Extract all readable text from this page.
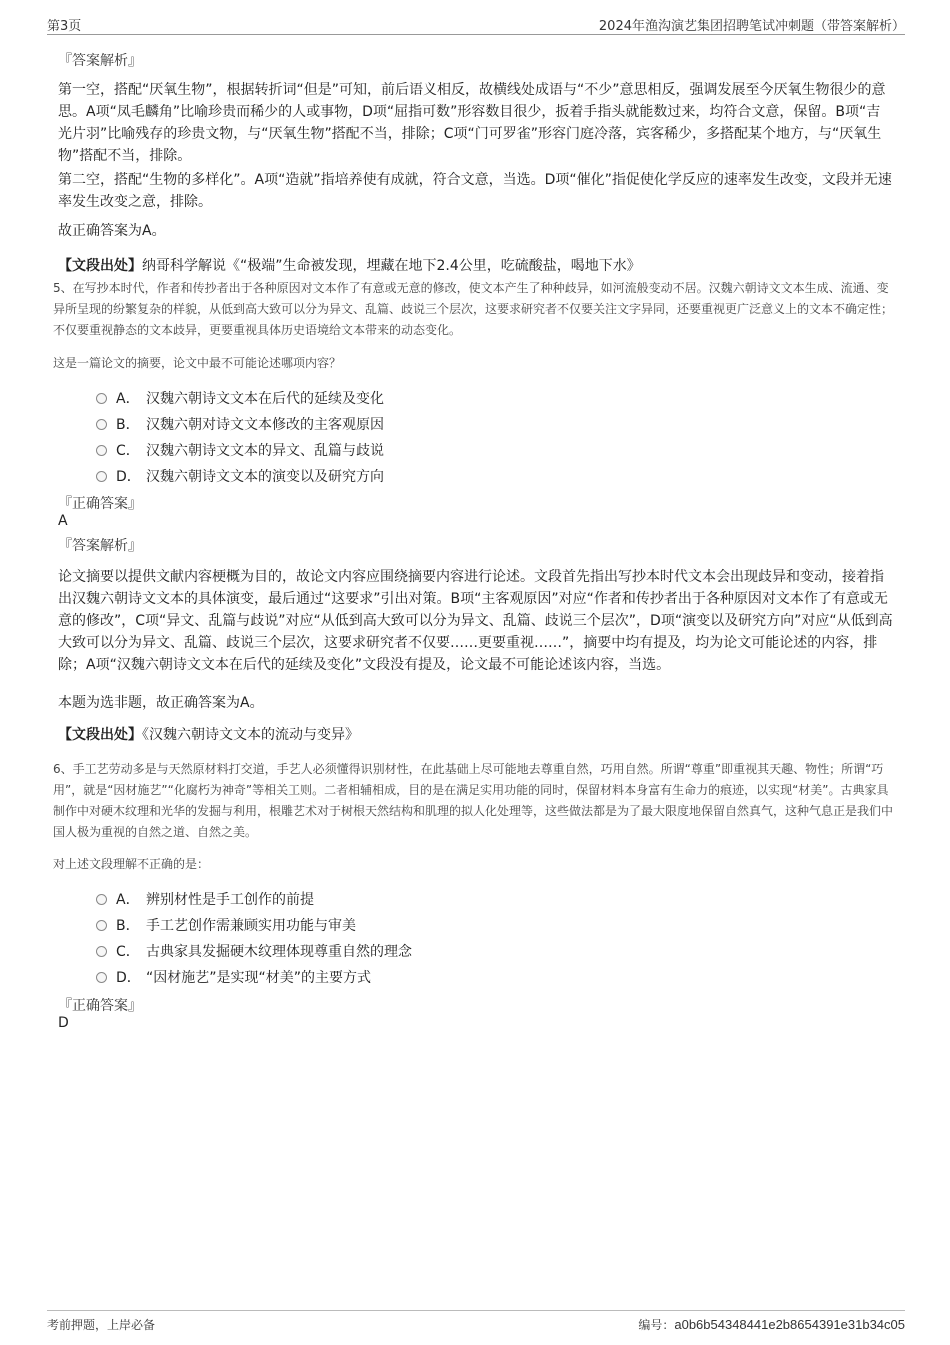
第3页	2024年渔沟演艺集团招聘笔试冲刺题（带答案解析）
『答案解析』

第一空，搭配“厌氧生物”，根据转折词“但是”可知，前后语义相反，故横线处成语与“不少”意思相反，强调发展至今厌氧生物很少的意思。A项“凤毛麟角”比喻珍贵而稀少的人或事物，D项“屈指可数”形容数目很少，扳着手指头就能数过来，均符合文意，保留。B项“吉光片羽”比喻残存的珍贵文物，与“厌氧生物”搭配不当，排除；C项“门可罗雀”形容门庭冷落，宾客稀少，多搭配某个地方，与“厌氧生物”搭配不当，排除。

第二空，搭配“生物的多样化”。A项“造就”指培养使有成就，符合文意，当选。D项“催化”指促使化学反应的速率发生改变，文段并无速率发生改变之意，排除。

故正确答案为A。
【文段出处】纳哥科学解说《“极端”生命被发现，埋藏在地下2.4公里，吃硫酸盐，喝地下水》

5、在写抄本时代，作者和传抄者出于各种原因对文本作了有意或无意的修改，使文本产生了种种歧异，如河流般变动不居。汉魏六朝诗文文本生成、流通、变异所呈现的纷繁复杂的样貌，从低到高大致可以分为异文、乱篇、歧说三个层次，这要求研究者不仅要关注文字异同，还要重视更广泛意义上的文本不确定性；不仅要重视静态的文本歧异，更要重视具体历史语境给文本带来的动态变化。

这是一篇论文的摘要，论文中最不可能论述哪项内容？
A． 汉魏六朝诗文文本在后代的延续及变化
B． 汉魏六朝对诗文文本修改的主客观原因
C． 汉魏六朝诗文文本的异文、乱篇与歧说
D． 汉魏六朝诗文文本的演变以及研究方向
『正确答案』
A
『答案解析』

论文摘要以提供文献内容梗概为目的，故论文内容应围绕摘要内容进行论述。文段首先指出写抄本时代文本会出现歧异和变动，接着指出汉魏六朝诗文文本的具体演变，最后通过“这要求”引出对策。B项“主客观原因”对应“作者和传抄者出于各种原因对文本作了有意或无意的修改”，C项“异文、乱篇与歧说”对应“从低到高大致可以分为异文、乱篇、歧说三个层次”，D项“演变以及研究方向”对应“从低到高大致可以分为异文、乱篇、歧说三个层次，这要求研究者不仅要……更要重视……”，摘要中均有提及，均为论文可能论述的内容，排除；A项“汉魏六朝诗文文本在后代的延续及变化”文段没有提及，论文最不可能论述该内容，当选。

本题为选非题，故正确答案为A。
【文段出处】《汉魏六朝诗文文本的流动与变异》

6、手工艺劳动多是与天然原材料打交道，手艺人必须懂得识别材性，在此基础上尽可能地去尊重自然，巧用自然。所谓“尊重”即重视其天趣、物性；所谓“巧用”，就是“因材施艺”“化腐朽为神奇”等相关工则。二者相辅相成，目的是在满足实用功能的同时，保留材料本身富有生命力的痕迹，以实现“材美”。古典家具制作中对硬木纹理和光华的发掘与利用，根雕艺术对于树根天然结构和肌理的拟人化处理等，这些做法都是为了最大限度地保留自然真气，这种气息正是我们中国人极为重视的自然之道、自然之美。

对上述文段理解不正确的是：
A． 辨别材性是手工创作的前提
B． 手工艺创作需兼顾实用功能与审美
C． 古典家具发掘硬木纹理体现尊重自然的理念
D． “因材施艺”是实现“材美”的主要方式
『正确答案』
D
考前押题，上岸必备	编号：a0b6b54348441e2b8654391e31b34c05
